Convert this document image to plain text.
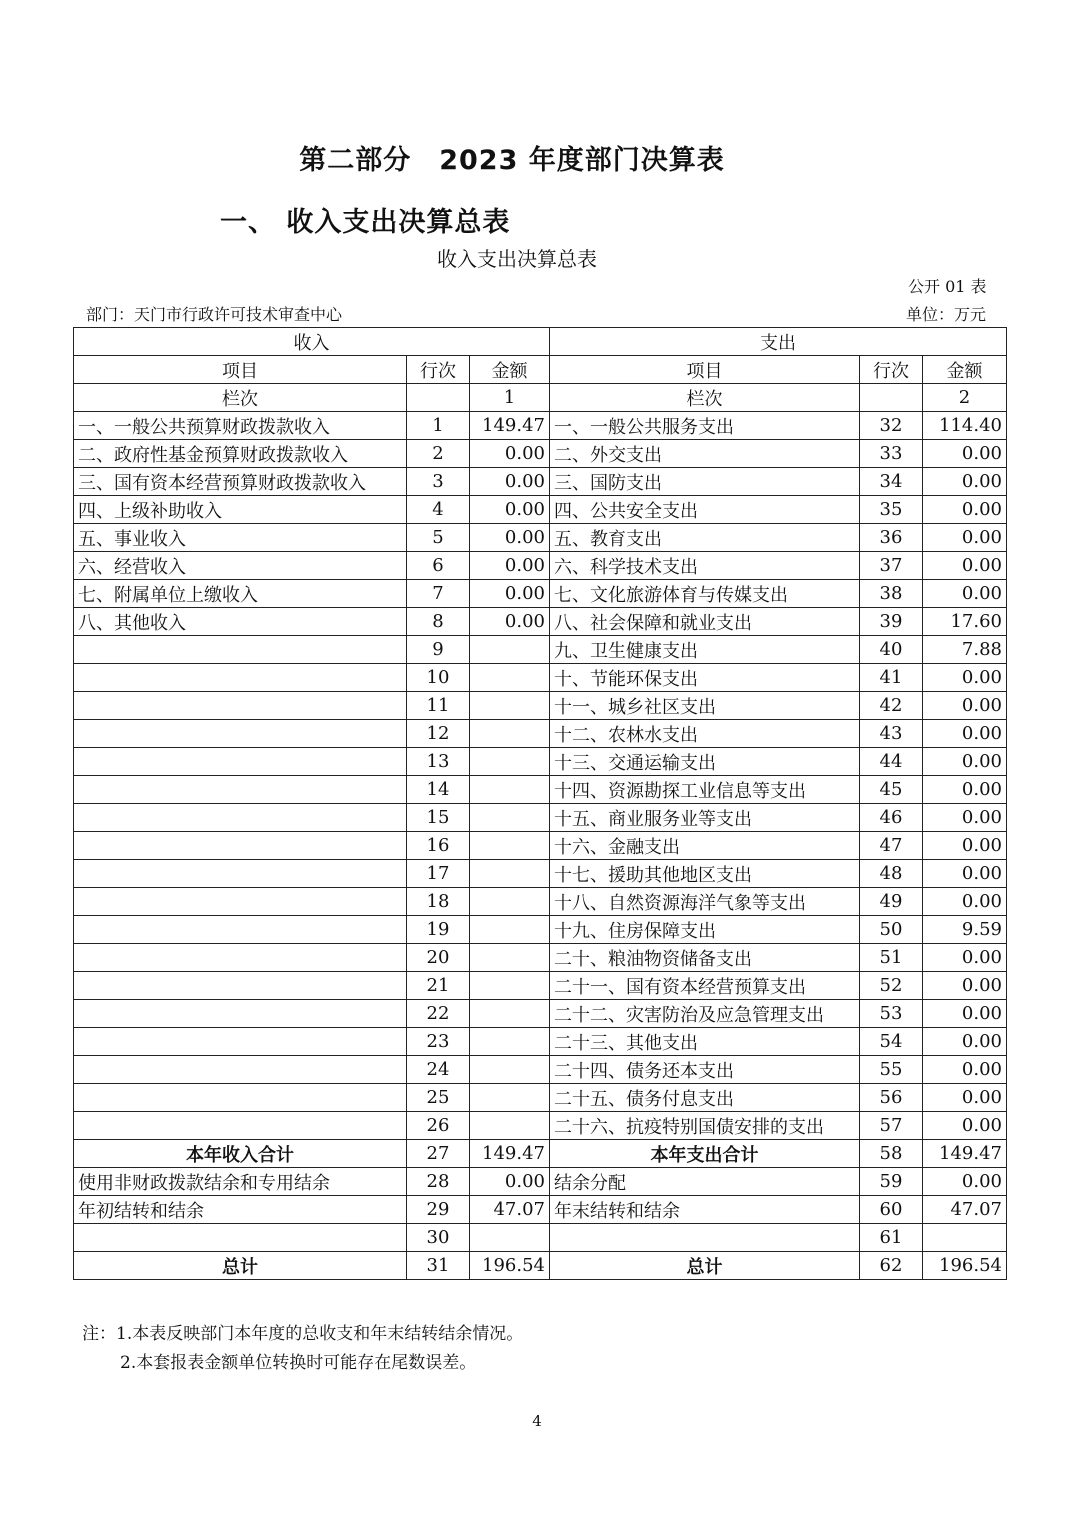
第二部分　2023 年度部门决算表
一、 收入支出决算总表
收入支出决算总表
公开 01 表
部门：天门市行政许可技术审查中心	单位：万元
收入			支出		
项目	行次	金额	项目	行次	金额
栏次		1	栏次		2
一、一般公共预算财政拨款收入	1	149.47	一、一般公共服务支出	32	114.40
二、政府性基金预算财政拨款收入	2	0.00	二、外交支出	33	0.00
三、国有资本经营预算财政拨款收入	3	0.00	三、国防支出	34	0.00
四、上级补助收入	4	0.00	四、公共安全支出	35	0.00
五、事业收入	5	0.00	五、教育支出	36	0.00
六、经营收入	6	0.00	六、科学技术支出	37	0.00
七、附属单位上缴收入	7	0.00	七、文化旅游体育与传媒支出	38	0.00
八、其他收入	8	0.00	八、社会保障和就业支出	39	17.60
	9		九、卫生健康支出	40	7.88
	10		十、节能环保支出	41	0.00
	11		十一、城乡社区支出	42	0.00
	12		十二、农林水支出	43	0.00
	13		十三、交通运输支出	44	0.00
	14		十四、资源勘探工业信息等支出	45	0.00
	15		十五、商业服务业等支出	46	0.00
	16		十六、金融支出	47	0.00
	17		十七、援助其他地区支出	48	0.00
	18		十八、自然资源海洋气象等支出	49	0.00
	19		十九、住房保障支出	50	9.59
	20		二十、粮油物资储备支出	51	0.00
	21		二十一、国有资本经营预算支出	52	0.00
	22		二十二、灾害防治及应急管理支出	53	0.00
	23		二十三、其他支出	54	0.00
	24		二十四、债务还本支出	55	0.00
	25		二十五、债务付息支出	56	0.00
	26		二十六、抗疫特别国债安排的支出	57	0.00
本年收入合计	27	149.47	本年支出合计	58	149.47
使用非财政拨款结余和专用结余	28	0.00	结余分配	59	0.00
年初结转和结余	29	47.07	年末结转和结余	60	47.07
	30			61	
总计	31	196.54	总计	62	196.54
注：1.本表反映部门本年度的总收支和年末结转结余情况。
2.本套报表金额单位转换时可能存在尾数误差。
4
